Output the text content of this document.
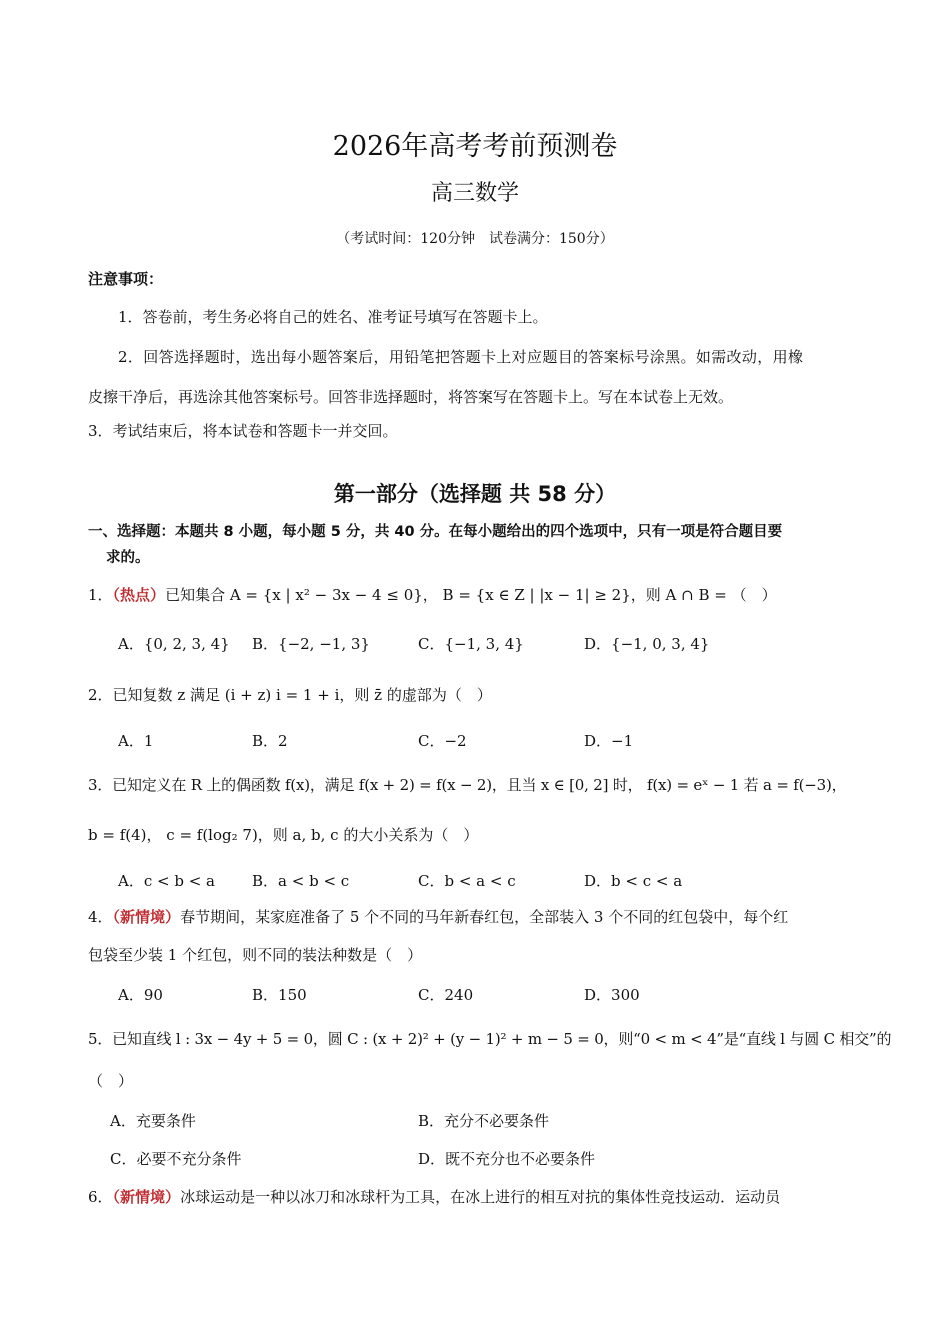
2026年高考考前预测卷
高三数学
（考试时间：120分钟　试卷满分：150分）
注意事项：
1．答卷前，考生务必将自己的姓名、准考证号填写在答题卡上。
2．回答选择题时，选出每小题答案后，用铅笔把答题卡上对应题目的答案标号涂黑。如需改动，用橡
皮擦干净后，再选涂其他答案标号。回答非选择题时，将答案写在答题卡上。写在本试卷上无效。
3．考试结束后，将本试卷和答题卡一并交回。
第一部分（选择题 共 58 分）
一、选择题：本题共 8 小题，每小题 5 分，共 40 分。在每小题给出的四个选项中，只有一项是符合题目要
求的。
1．（热点）已知集合 A = {x | x² − 3x − 4 ≤ 0}， B = {x ∈ Z | |x − 1| ≥ 2}，则 A ∩ B = （　）
A．{0, 2, 3, 4} B．{−2, −1, 3}	C．{−1, 3, 4}	D．{−1, 0, 3, 4}
2．已知复数 z 满足 (i + z) i = 1 + i，则 z̄ 的虚部为（　）
A．1	B．2	C．−2	D．−1
3．已知定义在 R 上的偶函数 f(x)，满足 f(x + 2) = f(x − 2)，且当 x ∈ [0, 2] 时， f(x) = eˣ − 1 若 a = f(−3)，
b = f(4)， c = f(log₂ 7)，则 a, b, c 的大小关系为（　）
A．c < b < a B．a < b < c	C．b < a < c	D．b < c < a
4．（新情境）春节期间，某家庭准备了 5 个不同的马年新春红包，全部装入 3 个不同的红包袋中，每个红
包袋至少装 1 个红包，则不同的装法种数是（　）
A．90	B．150	C．240	D．300
5．已知直线 l : 3x − 4y + 5 = 0，圆 C : (x + 2)² + (y − 1)² + m − 5 = 0，则“0 < m < 4”是“直线 l 与圆 C 相交”的
（　）
A．充要条件	B．充分不必要条件
C．必要不充分条件	D．既不充分也不必要条件
6．（新情境）冰球运动是一种以冰刀和冰球杆为工具，在冰上进行的相互对抗的集体性竞技运动．运动员
